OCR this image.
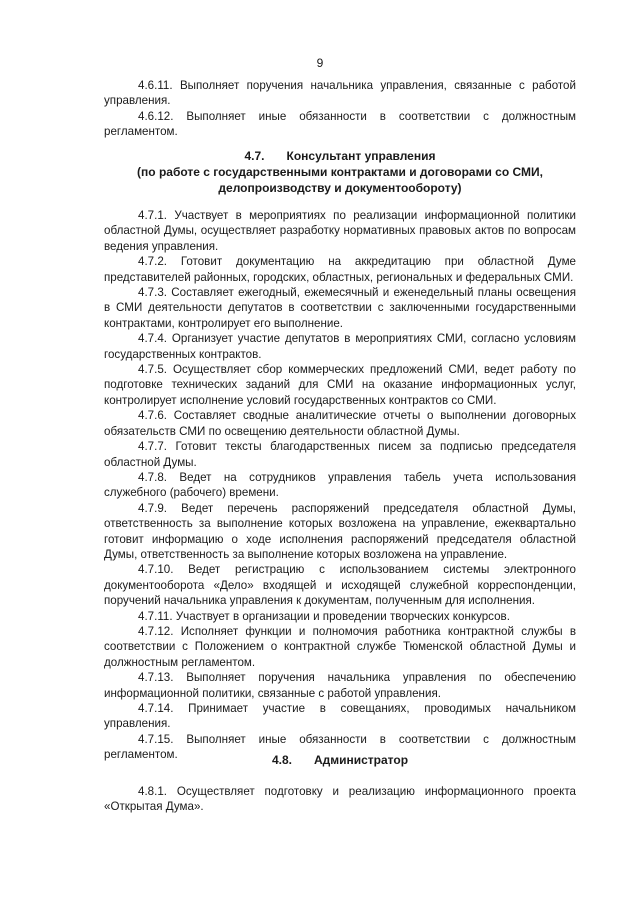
9

4.6.11. Выполняет поручения начальника управления, связанные с работой управления.

4.6.12. Выполняет иные обязанности в соответствии с должностным регламентом.

4.7. Консультант управления
(по работе с государственными контрактами и договорами со СМИ,
делопроизводству и документообороту)

4.7.1. Участвует в мероприятиях по реализации информационной политики областной Думы, осуществляет разработку нормативных правовых актов по вопросам ведения управления.

4.7.2. Готовит документацию на аккредитацию при областной Думе представителей районных, городских, областных, региональных и федеральных СМИ.

4.7.3. Составляет ежегодный, ежемесячный и еженедельный планы освещения в СМИ деятельности депутатов в соответствии с заключенными государственными контрактами, контролирует его выполнение.

4.7.4. Организует участие депутатов в мероприятиях СМИ, согласно условиям государственных контрактов.

4.7.5. Осуществляет сбор коммерческих предложений СМИ, ведет работу по подготовке технических заданий для СМИ на оказание информационных услуг, контролирует исполнение условий государственных контрактов со СМИ.

4.7.6. Составляет сводные аналитические отчеты о выполнении договорных обязательств СМИ по освещению деятельности областной Думы.

4.7.7. Готовит тексты благодарственных писем за подписью председателя областной Думы.

4.7.8. Ведет на сотрудников управления табель учета использования служебного (рабочего) времени.

4.7.9. Ведет перечень распоряжений председателя областной Думы, ответственность за выполнение которых возложена на управление, ежеквартально готовит информацию о ходе исполнения распоряжений председателя областной Думы, ответственность за выполнение которых возложена на управление.

4.7.10. Ведет регистрацию с использованием системы электронного документооборота «Дело» входящей и исходящей служебной корреспонденции, поручений начальника управления к документам, полученным для исполнения.

4.7.11. Участвует в организации и проведении творческих конкурсов.

4.7.12. Исполняет функции и полномочия работника контрактной службы в соответствии с Положением о контрактной службе Тюменской областной Думы и должностным регламентом.

4.7.13. Выполняет поручения начальника управления по обеспечению информационной политики, связанные с работой управления.

4.7.14. Принимает участие в совещаниях, проводимых начальником управления.

4.7.15. Выполняет иные обязанности в соответствии с должностным регламентом.	4.8. Администратор

4.8.1. Осуществляет подготовку и реализацию информационного проекта «Открытая Дума».
